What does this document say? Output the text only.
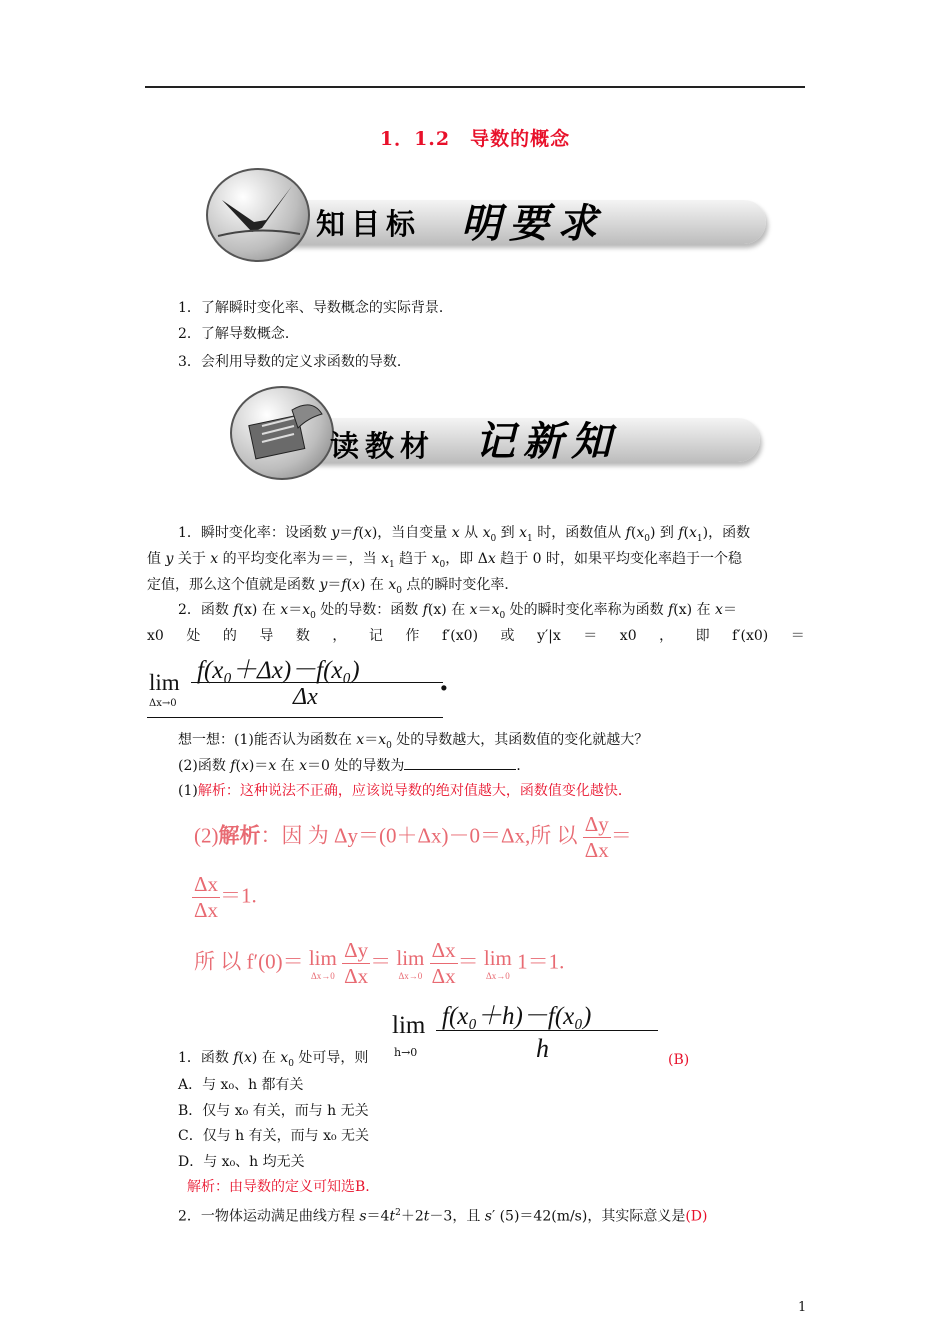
1．1.2　导数的概念
知目标 明要求
1．了解瞬时变化率、导数概念的实际背景．
2．了解导数概念．
3．会利用导数的定义求函数的导数．
读教材 记新知
1．瞬时变化率：设函数 y＝f(x)，当自变量 x 从 $x_0$ 到 $x_1$ 时，函数值从 $f(x_0)$ 到 $f(x_1)$，函数
值 y 关于 x 的平均变化率为＝＝，当 $x_1$ 趋于 $x_0$，即 Δx 趋于 0 时，如果平均变化率趋于一个稳
定值，那么这个值就是函数 y＝f(x) 在 $x_0$ 点的瞬时变化率．
2．函数 f(x) 在 $x=x_0$ 处的导数：函数 f(x) 在 $x=x_0$ 处的瞬时变化率称为函数 f(x) 在 x＝
x0 处 的 导 数 ， 记 作 f′(x0) 或 y′|x ＝ x0 ， 即 f′(x0) ＝
lim
Δx→0
f(x₀＋Δx)－f(x₀)
Δx	.
想一想：(1)能否认为函数在 $x=x_0$ 处的导数越大，其函数值的变化就越大？
(2)函数 f(x)＝x 在 x＝0 处的导数为	．
(1)解析：这种说法不正确，应该说导数的绝对值越大，函数值变化越快．
(2)解析：因 为 Δy＝(0＋Δx)－0＝Δx,所 以 $\frac{\Delta y}{\Delta x}$ ＝
$\frac{\Delta x}{\Delta x} =1$.
所 以 f′(0)＝ lim
Δx→0
$\frac{\Delta y}{\Delta x} = \lim$
Δx→0
$\frac{\Delta x}{\Delta x} = \lim$
Δx→0
1＝1.
lim
h→0
f(x₀＋h)－f(x₀)
h
1．函数 f(x) 在 $x_0$ 处可导，则	(B)
A．与 x₀、h 都有关
B．仅与 x₀ 有关，而与 h 无关
C．仅与 h 有关，而与 x₀ 无关
D．与 x₀、h 均无关
解析：由导数的定义可知选B.
2．一物体运动满足曲线方程 $s=4t^2+2t-3$，且 s′ (5)＝42(m/s)，其实际意义是(D)
1
